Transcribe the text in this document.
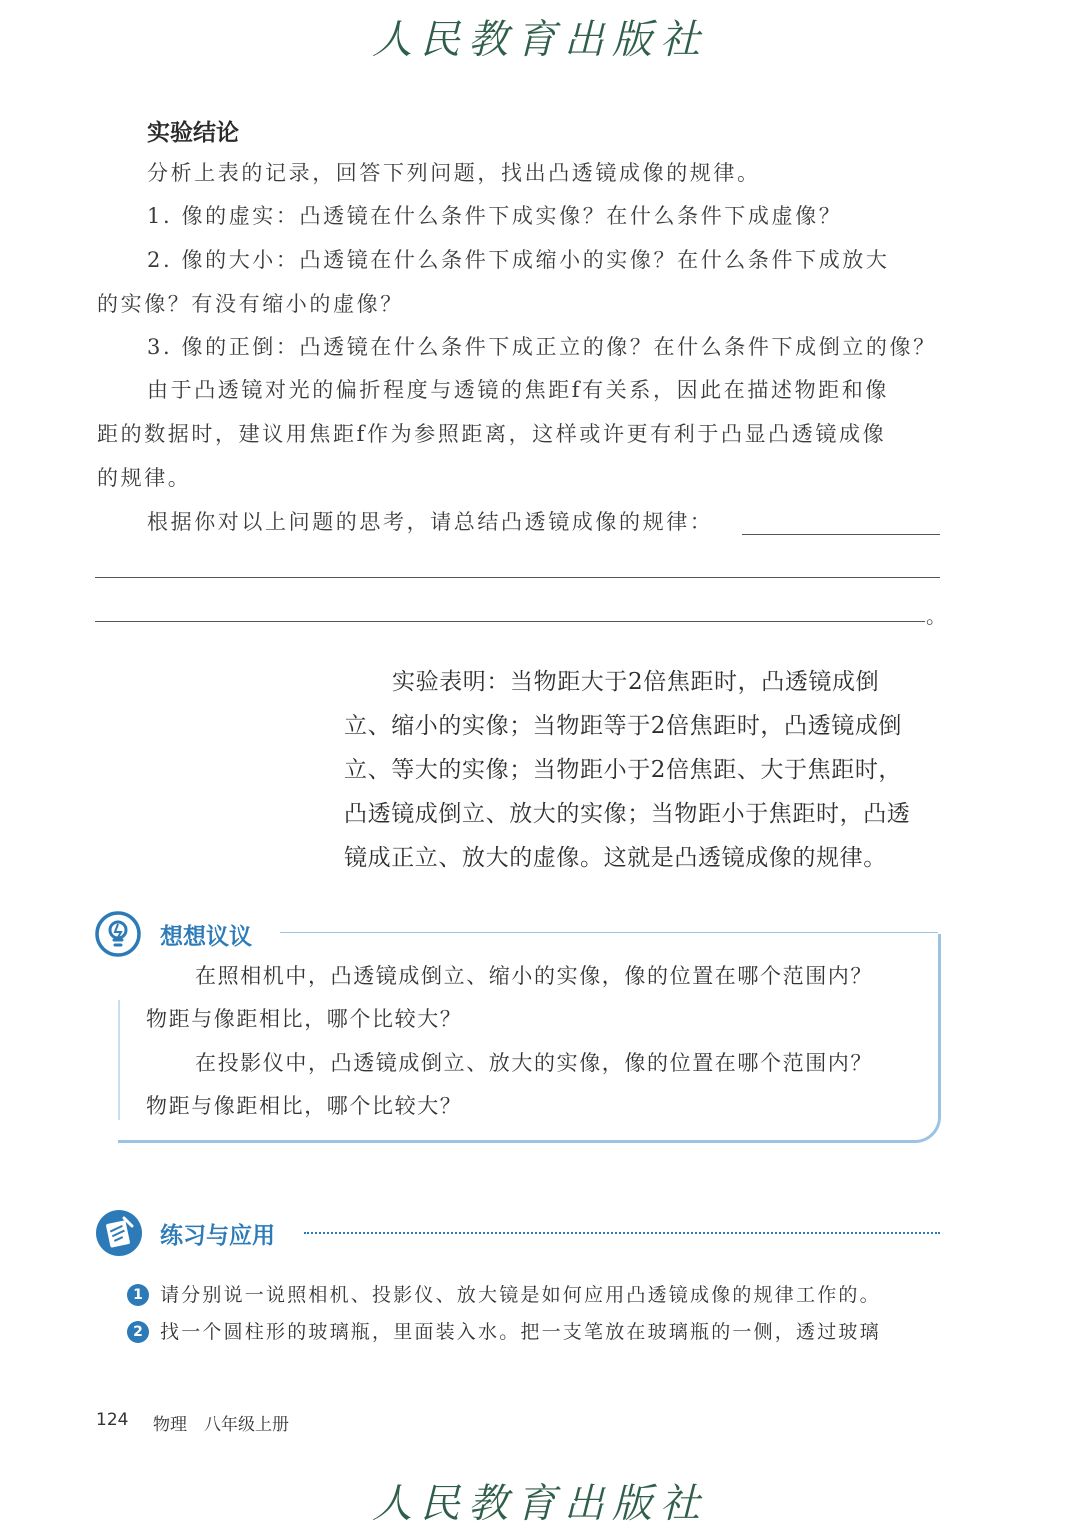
人民教育出版社
实验结论
分析上表的记录，回答下列问题，找出凸透镜成像的规律。
1. 像的虚实：凸透镜在什么条件下成实像？在什么条件下成虚像？
2. 像的大小：凸透镜在什么条件下成缩小的实像？在什么条件下成放大
的实像？有没有缩小的虚像？
3. 像的正倒：凸透镜在什么条件下成正立的像？在什么条件下成倒立的像？
由于凸透镜对光的偏折程度与透镜的焦距f有关系，因此在描述物距和像
距的数据时，建议用焦距f作为参照距离，这样或许更有利于凸显凸透镜成像
的规律。
根据你对以上问题的思考，请总结凸透镜成像的规律：
。
实验表明：当物距大于2倍焦距时，凸透镜成倒
立、缩小的实像；当物距等于2倍焦距时，凸透镜成倒
立、等大的实像；当物距小于2倍焦距、大于焦距时，
凸透镜成倒立、放大的实像；当物距小于焦距时，凸透
镜成正立、放大的虚像。这就是凸透镜成像的规律。
想想议议
在照相机中，凸透镜成倒立、缩小的实像，像的位置在哪个范围内？
物距与像距相比，哪个比较大？
在投影仪中，凸透镜成倒立、放大的实像，像的位置在哪个范围内？
物距与像距相比，哪个比较大？
练习与应用
1 请分别说一说照相机、投影仪、放大镜是如何应用凸透镜成像的规律工作的。
2 找一个圆柱形的玻璃瓶，里面装入水。把一支笔放在玻璃瓶的一侧，透过玻璃
124 物理　八年级上册
人民教育出版社
